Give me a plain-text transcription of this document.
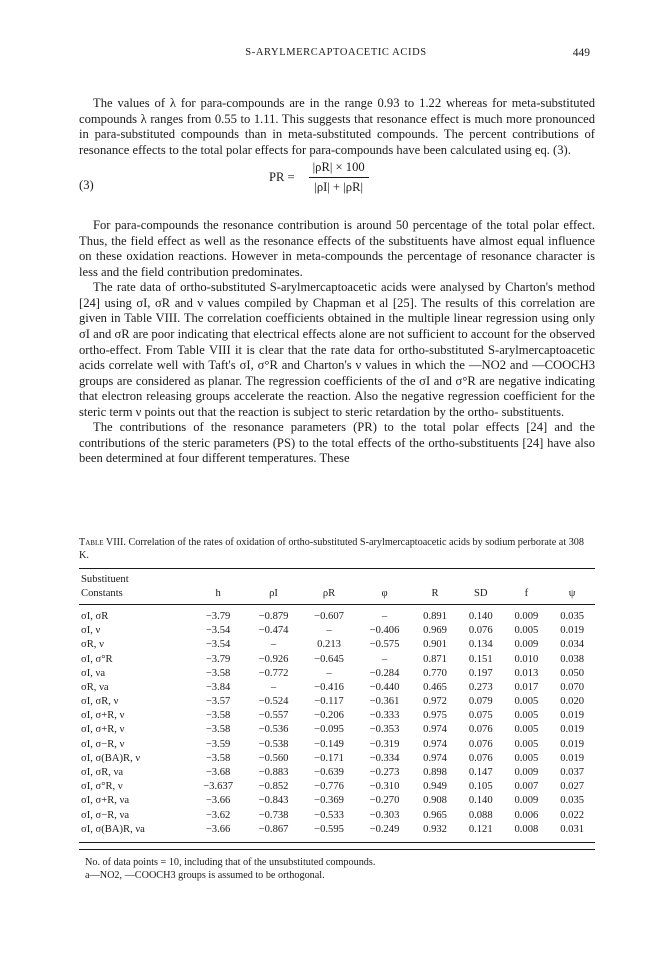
S-ARYLMERCAPTOACETIC ACIDS	449

The values of λ for para-compounds are in the range 0.93 to 1.22 whereas for meta-substituted compounds λ ranges from 0.55 to 1.11. This suggests that resonance effect is much more pronounced in para-substituted compounds than in meta-substituted compounds. The percent contributions of resonance effects to the total polar effects for para-compounds have been calculated using eq. (3).

(3)
PR = $\frac{|\rho R| \times 100}{|\rho I| + |\rho R|}$

For para-compounds the resonance contribution is around 50 percentage of the total polar effect. Thus, the field effect as well as the resonance effects of the substituents have almost equal influence on these oxidation reactions. However in meta-compounds the percentage of resonance character is less and the field contribution predominates.

The rate data of ortho-substituted S-arylmercaptoacetic acids were analysed by Charton's method [24] using σI, σR and ν values compiled by Chapman et al [25]. The results of this correlation are given in Table VIII. The correlation coefficients obtained in the multiple linear regression using only σI and σR are poor indicating that electrical effects alone are not sufficient to account for the observed ortho-effect. From Table VIII it is clear that the rate data for ortho-substituted S-arylmercaptoacetic acids correlate well with Taft's σI, σ°R and Charton's ν values in which the —NO2 and —COOCH3 groups are considered as planar. The regression coefficients of the σI and σ°R are negative indicating that electron releasing groups accelerate the reaction. Also the negative regression coefficient for the steric term ν points out that the reaction is subject to steric retardation by the ortho- substituents.

The contributions of the resonance parameters (PR) to the total polar effects [24] and the contributions of the steric parameters (PS) to the total effects of the ortho-substituents [24] have also been determined at four different temperatures. These

Table VIII. Correlation of the rates of oxidation of ortho-substituted S-arylmercaptoacetic acids by sodium perborate at 308 K.
Substituent								
Constants	h	ρI	ρR	φ	R	SD	f	ψ
σI, σR	−3.79	−0.879	−0.607	–	0.891	0.140	0.009	0.035
σI, ν	−3.54	−0.474	–	−0.406	0.969	0.076	0.005	0.019
σR, ν	−3.54	–	0.213	−0.575	0.901	0.134	0.009	0.034
σI, σ°R	−3.79	−0.926	−0.645	–	0.871	0.151	0.010	0.038
σI, νa	−3.58	−0.772	–	−0.284	0.770	0.197	0.013	0.050
σR, νa	−3.84	–	−0.416	−0.440	0.465	0.273	0.017	0.070
σI, σR, ν	−3.57	−0.524	−0.117	−0.361	0.972	0.079	0.005	0.020
σI, σ+R, ν	−3.58	−0.557	−0.206	−0.333	0.975	0.075	0.005	0.019
σI, σ+R, ν	−3.58	−0.536	−0.095	−0.353	0.974	0.076	0.005	0.019
σI, σ−R, ν	−3.59	−0.538	−0.149	−0.319	0.974	0.076	0.005	0.019
σI, σ(BA)R, ν	−3.58	−0.560	−0.171	−0.334	0.974	0.076	0.005	0.019
σI, σR, νa	−3.68	−0.883	−0.639	−0.273	0.898	0.147	0.009	0.037
σI, σ°R, ν	−3.637	−0.852	−0.776	−0.310	0.949	0.105	0.007	0.027
σI, σ+R, νa	−3.66	−0.843	−0.369	−0.270	0.908	0.140	0.009	0.035
σI, σ−R, νa	−3.62	−0.738	−0.533	−0.303	0.965	0.088	0.006	0.022
σI, σ(BA)R, νa	−3.66	−0.867	−0.595	−0.249	0.932	0.121	0.008	0.031
No. of data points = 10, including that of the unsubstituted compounds.
a—NO2, —COOCH3 groups is assumed to be orthogonal.
